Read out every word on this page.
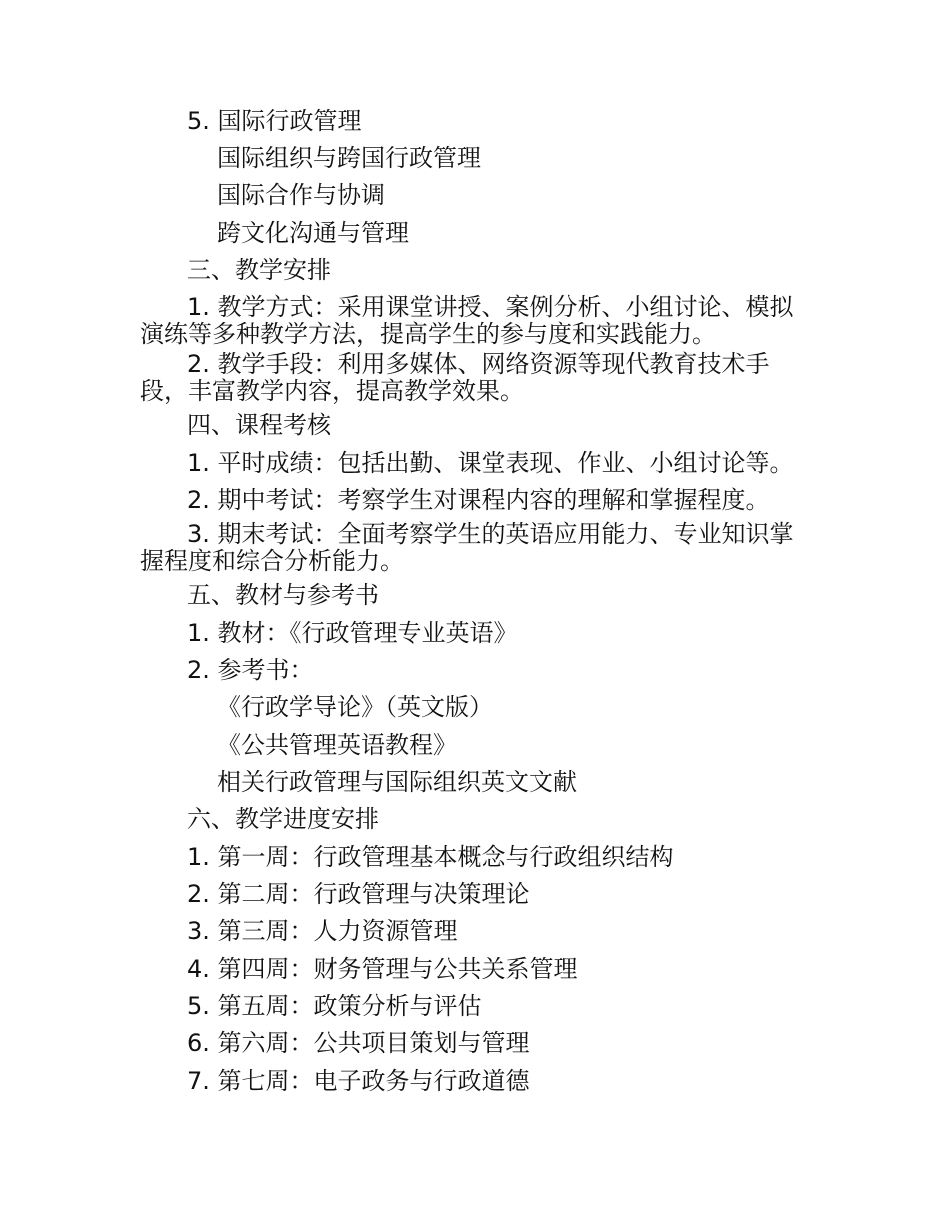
5. 国际行政管理
国际组织与跨国行政管理
国际合作与协调
跨文化沟通与管理
三、教学安排
1. 教学方式：采用课堂讲授、案例分析、小组讨论、模拟演练等多种教学方法，提高学生的参与度和实践能力。
2. 教学手段：利用多媒体、网络资源等现代教育技术手段，丰富教学内容，提高教学效果。
四、课程考核
1. 平时成绩：包括出勤、课堂表现、作业、小组讨论等。
2. 期中考试：考察学生对课程内容的理解和掌握程度。
3. 期末考试：全面考察学生的英语应用能力、专业知识掌握程度和综合分析能力。
五、教材与参考书
1. 教材：《行政管理专业英语》
2. 参考书：
《行政学导论》（英文版）
《公共管理英语教程》
相关行政管理与国际组织英文文献
六、教学进度安排
1. 第一周：行政管理基本概念与行政组织结构
2. 第二周：行政管理与决策理论
3. 第三周：人力资源管理
4. 第四周：财务管理与公共关系管理
5. 第五周：政策分析与评估
6. 第六周：公共项目策划与管理
7. 第七周：电子政务与行政道德
